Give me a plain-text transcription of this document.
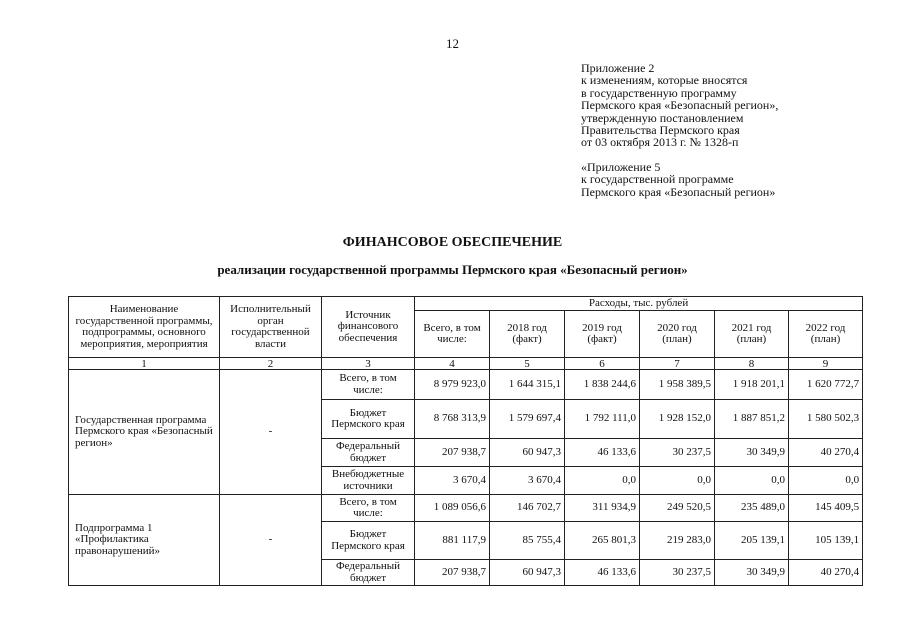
12
Приложение 2
к изменениям, которые вносятся
в государственную программу
Пермского края «Безопасный регион»,
утвержденную постановлением
Правительства Пермского края
от 03 октября 2013 г. № 1328-п
«Приложение 5
к государственной программе
Пермского края «Безопасный регион»
ФИНАНСОВОЕ ОБЕСПЕЧЕНИЕ
реализации государственной программы Пермского края «Безопасный регион»
Наименование государственной программы, подпрограммы, основного мероприятия, мероприятия	Исполнительный орган государственной власти	Источник финансового обеспечения	Расходы, тыс. рублей					
			Всего, в том числе:	2018 год (факт)	2019 год (факт)	2020 год (план)	2021 год (план)	2022 год (план)
1	2	3	4	5	6	7	8	9
Государственная программа Пермского края «Безопасный регион»	-	Всего, в том числе:	8 979 923,0	1 644 315,1	1 838 244,6	1 958 389,5	1 918 201,1	1 620 772,7
		Бюджет Пермского края	8 768 313,9	1 579 697,4	1 792 111,0	1 928 152,0	1 887 851,2	1 580 502,3
		Федеральный бюджет	207 938,7	60 947,3	46 133,6	30 237,5	30 349,9	40 270,4
		Внебюджетные источники	3 670,4	3 670,4	0,0	0,0	0,0	0,0
Подпрограмма 1 «Профилактика правонарушений»	-	Всего, в том числе:	1 089 056,6	146 702,7	311 934,9	249 520,5	235 489,0	145 409,5
		Бюджет Пермского края	881 117,9	85 755,4	265 801,3	219 283,0	205 139,1	105 139,1
		Федеральный бюджет	207 938,7	60 947,3	46 133,6	30 237,5	30 349,9	40 270,4
